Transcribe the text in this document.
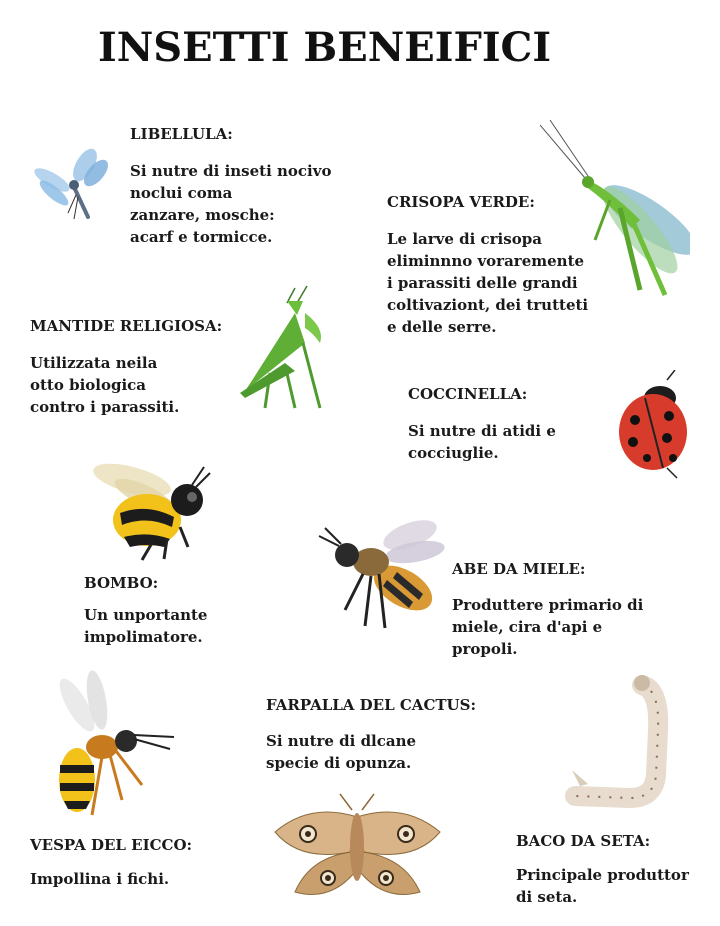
INSETTI BENEIFICI
LIBELLULA:
Si nutre di inseti nocivo
noclui coma
zanzare, mosche:
acarf e tormicce.
CRISOPA VERDE:
Le larve di crisopa
eliminnno voraremente
i parassiti delle grandi
coltivaziont, dei trutteti
e delle serre.
MANTIDE RELIGIOSA:
Utilizzata neila
otto biologica
contro i parassiti.
COCCINELLA:
Si nutre di atidi e
cocciuglie.
BOMBO:
Un unportante
impolimatore.
ABE DA MIELE:
Produttere primario di
miele, cira d'api e
propoli.
VESPA DEL EICCO:
Impollina i fichi.
FARPALLA DEL CACTUS:
Si nutre di dlcane
specie di opunza.
BACO DA SETA:
Principale produttor
di seta.
